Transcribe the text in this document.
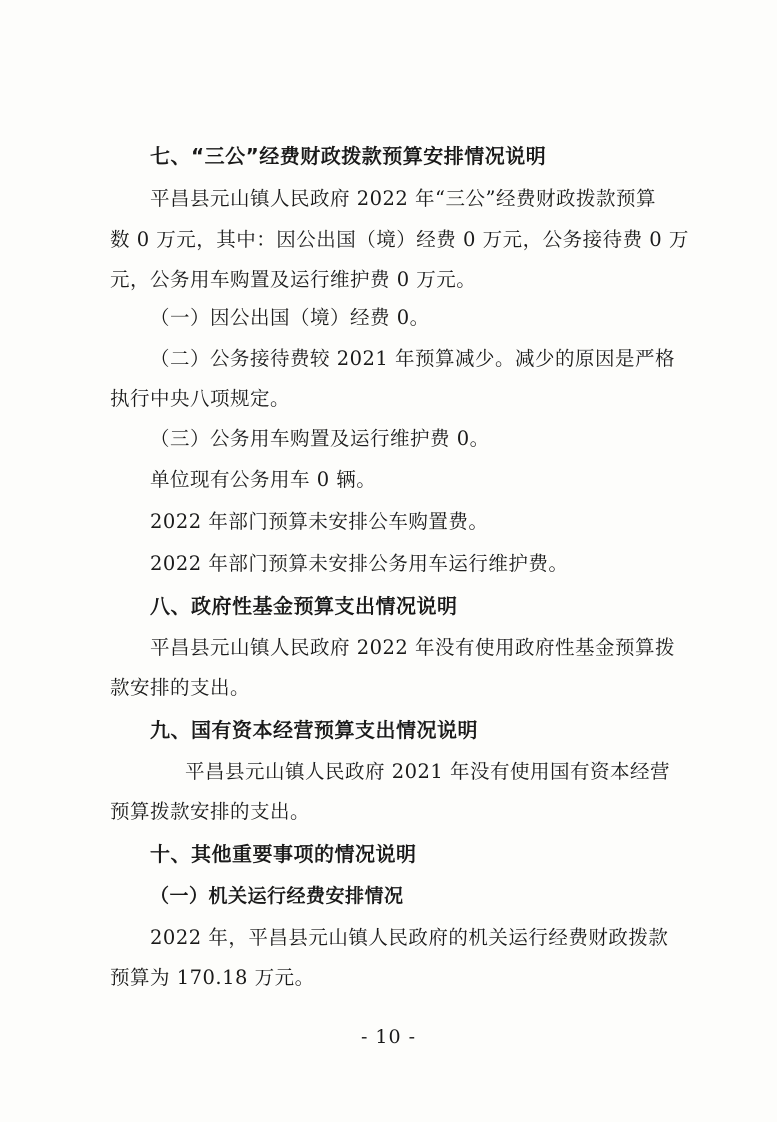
七、“三公”经费财政拨款预算安排情况说明
平昌县元山镇人民政府 2022 年“三公”经费财政拨款预算
数 0 万元，其中：因公出国（境）经费 0 万元，公务接待费 0 万
元，公务用车购置及运行维护费 0 万元。
（一）因公出国（境）经费 0。
（二）公务接待费较 2021 年预算减少。减少的原因是严格
执行中央八项规定。
（三）公务用车购置及运行维护费 0。
单位现有公务用车 0 辆。
2022 年部门预算未安排公车购置费。
2022 年部门预算未安排公务用车运行维护费。
八、政府性基金预算支出情况说明
平昌县元山镇人民政府 2022 年没有使用政府性基金预算拨
款安排的支出。
九、国有资本经营预算支出情况说明
平昌县元山镇人民政府 2021 年没有使用国有资本经营
预算拨款安排的支出。
十、其他重要事项的情况说明
（一）机关运行经费安排情况
2022 年，平昌县元山镇人民政府的机关运行经费财政拨款
预算为 170.18 万元。
- 10 -
